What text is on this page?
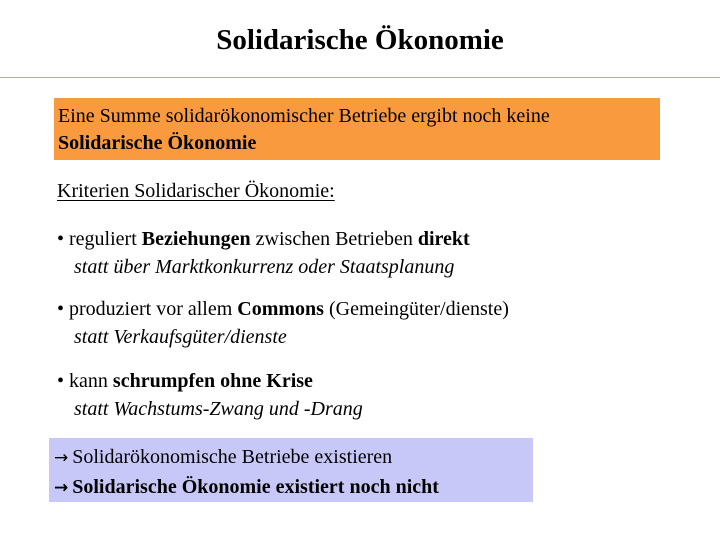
Solidarische Ökonomie
Eine Summe solidarökonomischer Betriebe ergibt noch keine
Solidarische Ökonomie
Kriterien Solidarischer Ökonomie:
• reguliert Beziehungen zwischen Betrieben direkt
statt über Marktkonkurrenz oder Staatsplanung
• produziert vor allem Commons (Gemeingüter/dienste)
statt Verkaufsgüter/dienste
• kann schrumpfen ohne Krise
statt Wachstums-Zwang und -Drang
→ Solidarökonomische Betriebe existieren
→ Solidarische Ökonomie existiert noch nicht
